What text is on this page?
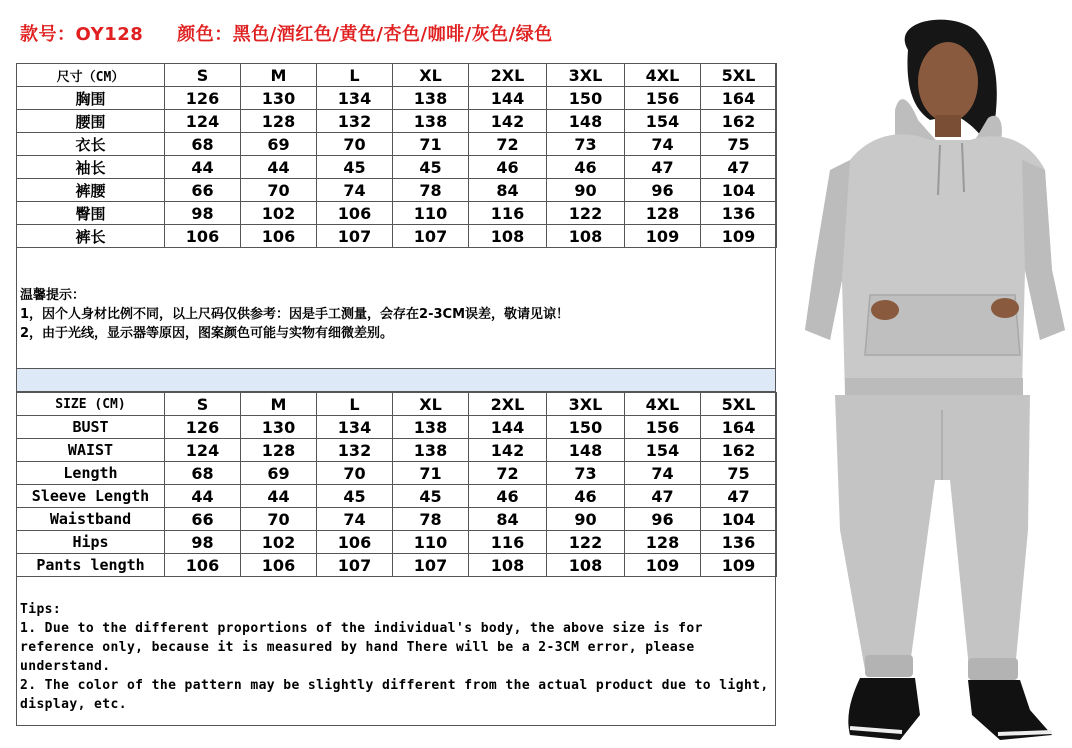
款号：OY128 颜色：黑色/酒红色/黄色/杏色/咖啡/灰色/绿色
尺寸（CM）	S	M	L	XL	2XL	3XL	4XL	5XL
胸围	126	130	134	138	144	150	156	164
腰围	124	128	132	138	142	148	154	162
衣长	68	69	70	71	72	73	74	75
袖长	44	44	45	45	46	46	47	47
裤腰	66	70	74	78	84	90	96	104
臀围	98	102	106	110	116	122	128	136
裤长	106	106	107	107	108	108	109	109

温馨提示：

1，因个人身材比例不同，以上尺码仅供参考：因是手工测量，会存在2-3CM误差，敬请见谅！

2，由于光线，显示器等原因，图案颜色可能与实物有细微差别。

SIZE (CM)	S	M	L	XL	2XL	3XL	4XL	5XL
BUST	126	130	134	138	144	150	156	164
WAIST	124	128	132	138	142	148	154	162
Length	68	69	70	71	72	73	74	75
Sleeve Length	44	44	45	45	46	46	47	47
Waistband	66	70	74	78	84	90	96	104
Hips	98	102	106	110	116	122	128	136
Pants length	106	106	107	107	108	108	109	109

Tips:

1. Due to the different proportions of the individual's body, the above size is for reference only, because it is measured by hand There will be a 2-3CM error, please understand.

2. The color of the pattern may be slightly different from the actual product due to light, display, etc.
